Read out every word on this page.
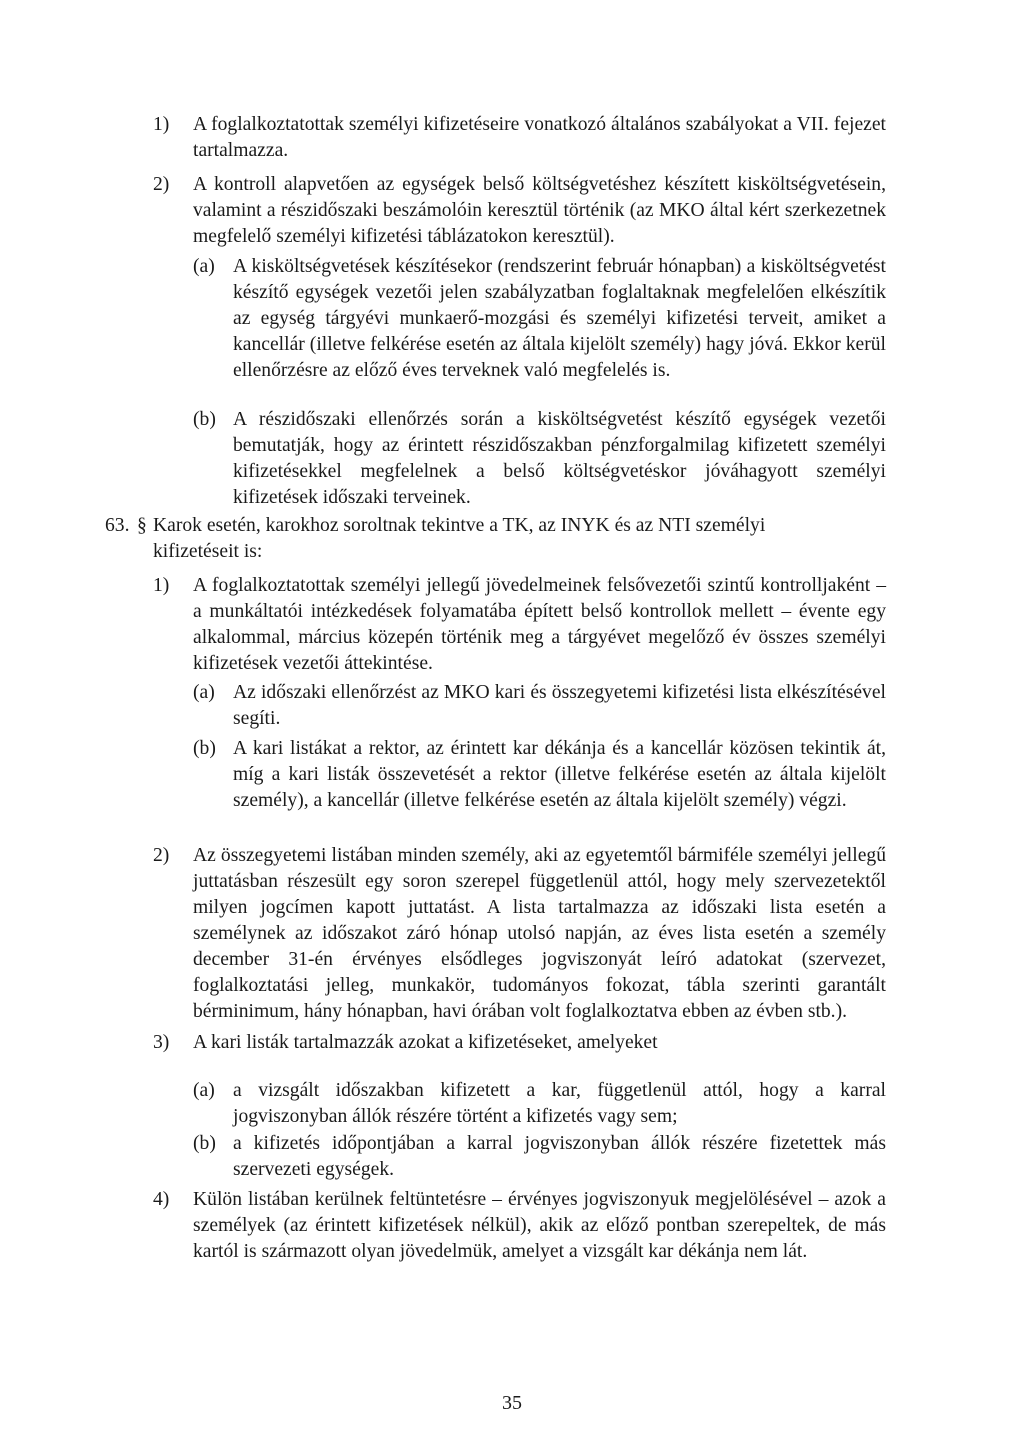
1) A foglalkoztatottak személyi kifizetéseire vonatkozó általános szabályokat a VII. fejezet tartalmazza.

2) A kontroll alapvetően az egységek belső költségvetéshez készített kisköltségvetésein, valamint a részidőszaki beszámolóin keresztül történik (az MKO által kért szerkezetnek megfelelő személyi kifizetési táblázatokon keresztül).

(a) A kisköltségvetések készítésekor (rendszerint február hónapban) a kisköltségvetést készítő egységek vezetői jelen szabályzatban foglaltaknak megfelelően elkészítik az egység tárgyévi munkaerő-mozgási és személyi kifizetési terveit, amiket a kancellár (illetve felkérése esetén az általa kijelölt személy) hagy jóvá. Ekkor kerül ellenőrzésre az előző éves terveknek való megfelelés is.

(b) A részidőszaki ellenőrzés során a kisköltségvetést készítő egységek vezetői bemutatják, hogy az érintett részidőszakban pénzforgalmilag kifizetett személyi kifizetésekkel megfelelnek a belső költségvetéskor jóváhagyott személyi kifizetések időszaki terveinek.

63. § Karok esetén, karokhoz soroltnak tekintve a TK, az INYK és az NTI személyi kifizetéseit is:

1) A foglalkoztatottak személyi jellegű jövedelmeinek felsővezetői szintű kontrolljaként – a munkáltatói intézkedések folyamatába épített belső kontrollok mellett – évente egy alkalommal, március közepén történik meg a tárgyévet megelőző év összes személyi kifizetések vezetői áttekintése.

(a) Az időszaki ellenőrzést az MKO kari és összegyetemi kifizetési lista elkészítésével segíti.

(b) A kari listákat a rektor, az érintett kar dékánja és a kancellár közösen tekintik át, míg a kari listák összevetését a rektor (illetve felkérése esetén az általa kijelölt személy), a kancellár (illetve felkérése esetén az általa kijelölt személy) végzi.

2) Az összegyetemi listában minden személy, aki az egyetemtől bármiféle személyi jellegű juttatásban részesült egy soron szerepel függetlenül attól, hogy mely szervezetektől milyen jogcímen kapott juttatást. A lista tartalmazza az időszaki lista esetén a személynek az időszakot záró hónap utolsó napján, az éves lista esetén a személy december 31-én érvényes elsődleges jogviszonyát leíró adatokat (szervezet, foglalkoztatási jelleg, munkakör, tudományos fokozat, tábla szerinti garantált bérminimum, hány hónapban, havi órában volt foglalkoztatva ebben az évben stb.).

3) A kari listák tartalmazzák azokat a kifizetéseket, amelyeket

(a) a vizsgált időszakban kifizetett a kar, függetlenül attól, hogy a karral jogviszonyban állók részére történt a kifizetés vagy sem;

(b) a kifizetés időpontjában a karral jogviszonyban állók részére fizetettek más szervezeti egységek.

4) Külön listában kerülnek feltüntetésre – érvényes jogviszonyuk megjelölésével – azok a személyek (az érintett kifizetések nélkül), akik az előző pontban szerepeltek, de más kartól is származott olyan jövedelmük, amelyet a vizsgált kar dékánja nem lát.

35
